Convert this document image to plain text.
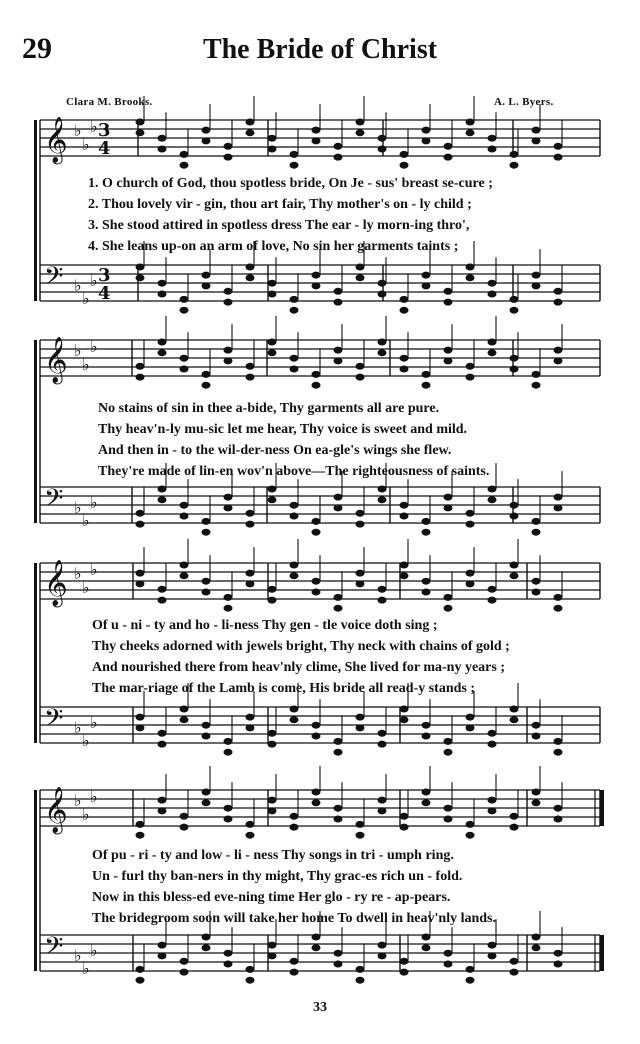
29	The Bride of Christ
Clara M. Brooks.	A. L. Byers.
𝄞 ♭
♭
♭
𝄢 ♭
♭
♭
𝄞 ♭
♭
♭
𝄢 ♭
♭
♭
𝄞 ♭
♭
♭
𝄢 ♭
♭
♭
𝄞 ♭
♭
♭
𝄢 ♭
♭
♭
3
4
3
4
1. O church of God, thou spotless bride, On Je - sus' breast se-cure ;
2. Thou lovely vir - gin, thou art fair, Thy mother's on - ly child ;
3. She stood attired in spotless dress The ear - ly morn-ing thro',
4. She leans up-on an arm of love, No sin her garments taints ;
No stains of sin in thee a-bide, Thy garments all are pure.
Thy heav'n-ly mu-sic let me hear, Thy voice is sweet and mild.
And then in - to the wil-der-ness On ea-gle's wings she flew.
They're made of lin-en wov'n above—The righteousness of saints.
Of u - ni - ty and ho - li-ness Thy gen - tle voice doth sing ;
Thy cheeks adorned with jewels bright, Thy neck with chains of gold ;
And nourished there from heav'nly clime, She lived for ma-ny years ;
The mar-riage of the Lamb is come, His bride all read-y stands ;
Of pu - ri - ty and low - li - ness Thy songs in tri - umph ring.
Un - furl thy ban-ners in thy might, Thy grac-es rich un - fold.
Now in this bless-ed eve-ning time Her glo - ry re - ap-pears.
The bridegroom soon will take her home To dwell in heav'nly lands.
33
